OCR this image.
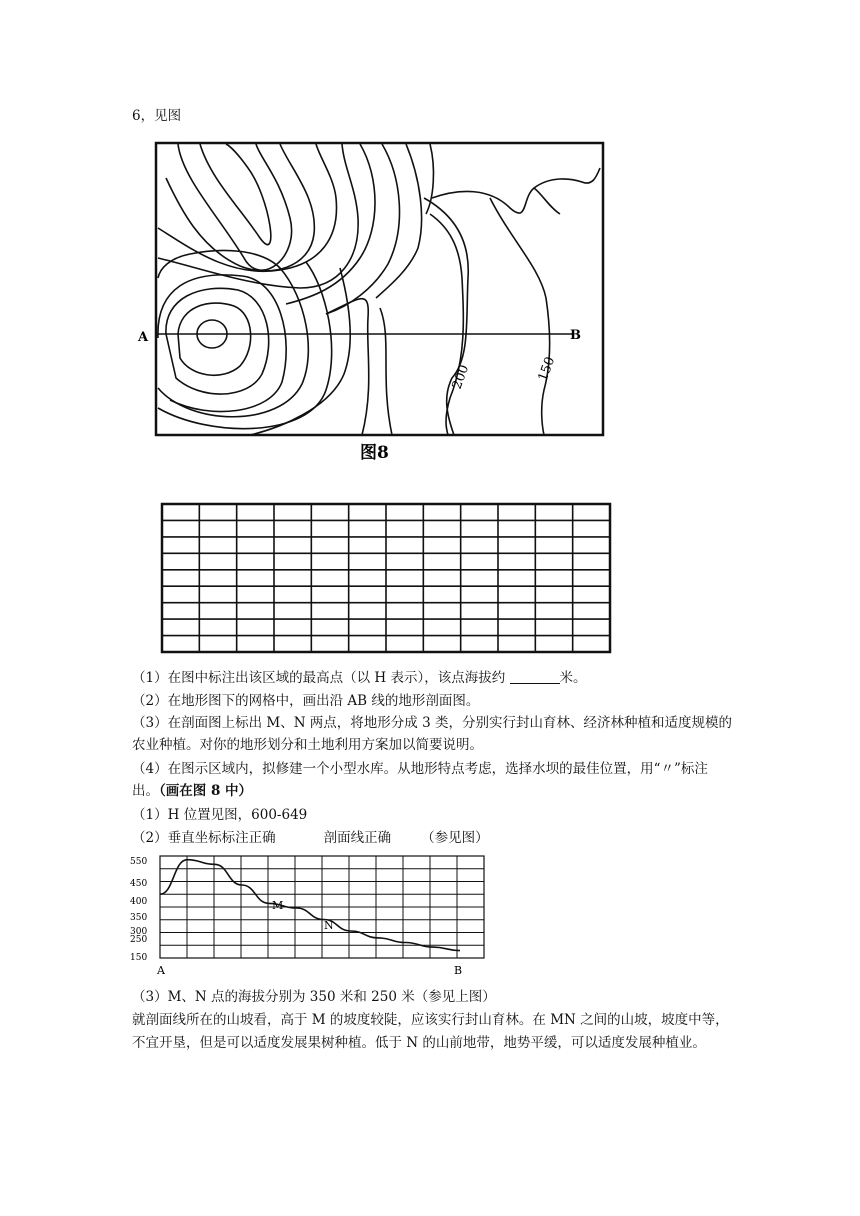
6，见图
A	B
200	150
图8
（1）在图中标注出该区域的最高点（以 H 表示），该点海拔约	米。
（2）在地形图下的网格中，画出沿 AB 线的地形剖面图。
（3）在剖面图上标出 M、N 两点，将地形分成 3 类，分别实行封山育林、经济林种植和适度规模的农业种植。对你的地形划分和土地利用方案加以简要说明。
（4）在图示区域内，拟修建一个小型水库。从地形特点考虑，选择水坝的最佳位置，用“〃”标注出。（画在图 8 中）
（1）H 位置见图，600-649
（2）垂直坐标标注正确	剖面线正确 （参见图）
550
450
400
350
300
250
150
M
N
A	B
（3）M、N 点的海拔分别为 350 米和 250 米（参见上图）
就剖面线所在的山坡看，高于 M 的坡度较陡，应该实行封山育林。在 MN 之间的山坡，坡度中等，不宜开垦，但是可以适度发展果树种植。低于 N 的山前地带，地势平缓，可以适度发展种植业。
